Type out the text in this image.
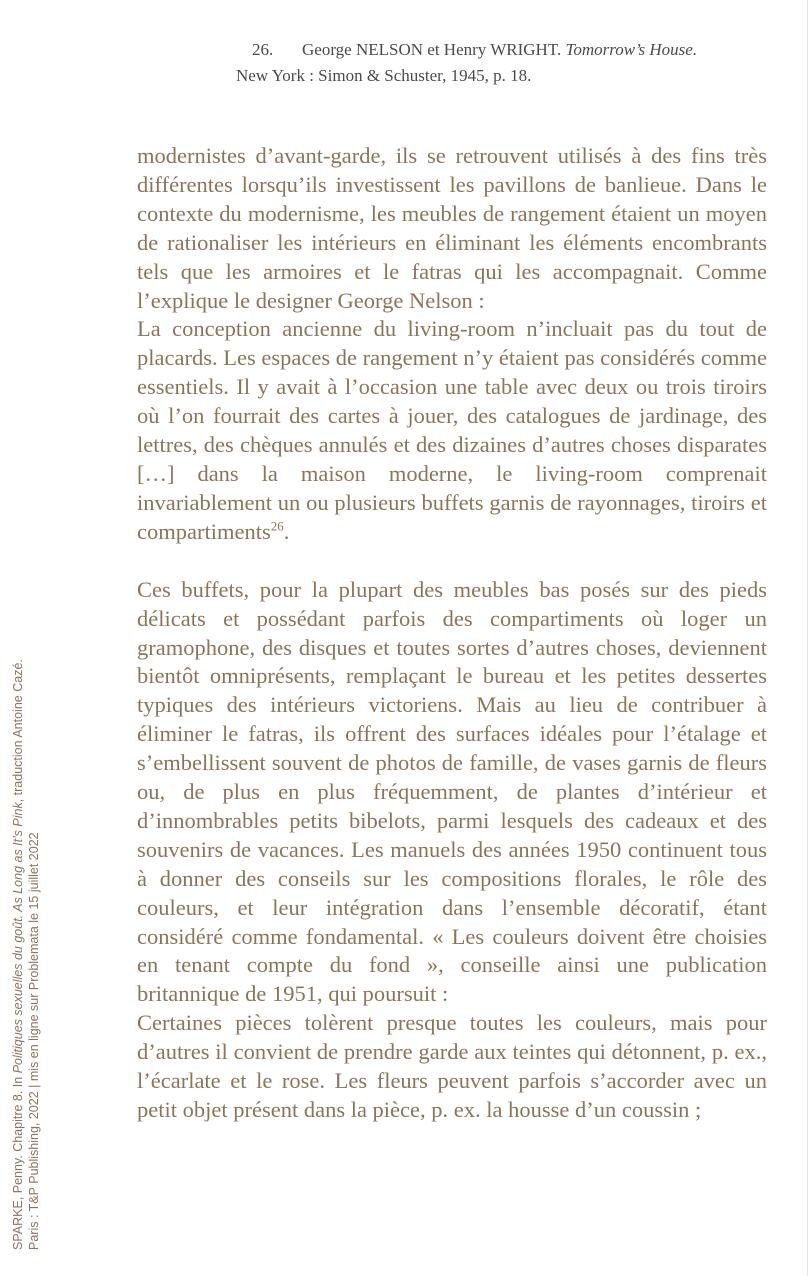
26. George NELSON et Henry WRIGHT. Tomorrow’s House.
New York : Simon & Schuster, 1945, p. 18.

modernistes d’avant-garde, ils se retrouvent utilisés à des fins très différentes lorsqu’ils investissent les pavillons de banlieue. Dans le contexte du modernisme, les meubles de rangement étaient un moyen de rationaliser les intérieurs en éliminant les éléments encombrants tels que les armoires et le fatras qui les accompagnait. Comme l’explique le designer George Nelson :

La conception ancienne du living-room n’incluait pas du tout de placards. Les espaces de rangement n’y étaient pas considérés comme essentiels. Il y avait à l’occasion une table avec deux ou trois tiroirs où l’on fourrait des cartes à jouer, des catalogues de jardinage, des lettres, des chèques annulés et des dizaines d’autres choses disparates […] dans la maison moderne, le living-room comprenait invariablement un ou plusieurs buffets garnis de rayonnages, tiroirs et compartiments$^{26}$.

Ces buffets, pour la plupart des meubles bas posés sur des pieds délicats et possédant parfois des compartiments où loger un gramophone, des disques et toutes sortes d’autres choses, deviennent bientôt omniprésents, remplaçant le bureau et les petites dessertes typiques des intérieurs victoriens. Mais au lieu de contribuer à éliminer le fatras, ils offrent des surfaces idéales pour l’étalage et s’embellissent souvent de photos de famille, de vases garnis de fleurs ou, de plus en plus fréquemment, de plantes d’intérieur et d’innombrables petits bibelots, parmi lesquels des cadeaux et des souvenirs de vacances. Les manuels des années 1950 continuent tous à donner des conseils sur les compositions florales, le rôle des couleurs, et leur intégration dans l’ensemble décoratif, étant considéré comme fondamental. « Les couleurs doivent être choisies en tenant compte du fond », conseille ainsi une publication britannique de 1951, qui poursuit :

Certaines pièces tolèrent presque toutes les couleurs, mais pour d’autres il convient de prendre garde aux teintes qui détonnent, p. ex., l’écarlate et le rose. Les fleurs peuvent parfois s’accorder avec un petit objet présent dans la pièce, p. ex. la housse d’un coussin ;

SPARKE, Penny. Chapitre 8. In Politiques sexuelles du goût. As Long as It’s Pink, traduction Antoine Cazé.
Paris : T&P Publishing, 2022 | mis en ligne sur Problemata le 15 juillet 2022
